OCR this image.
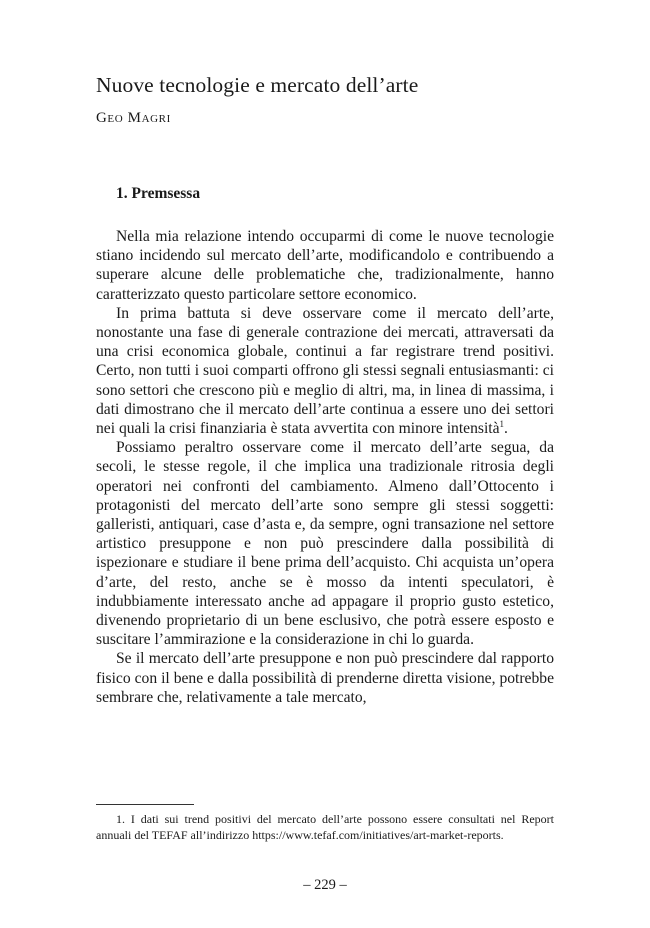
Nuove tecnologie e mercato dell’arte
Geo Magri
1. Premsessa

Nella mia relazione intendo occuparmi di come le nuove tecnologie stiano incidendo sul mercato dell’arte, modificandolo e contribuendo a superare alcune delle problematiche che, tradizionalmente, hanno caratterizzato questo particolare settore economico.

In prima battuta si deve osservare come il mercato dell’arte, nonostante una fase di generale contrazione dei mercati, attraversati da una crisi economica globale, continui a far registrare trend positivi. Certo, non tutti i suoi comparti offrono gli stessi segnali entusiasmanti: ci sono settori che crescono più e meglio di altri, ma, in linea di massima, i dati dimostrano che il mercato dell’arte continua a essere uno dei settori nei quali la crisi finanziaria è stata avvertita con minore intensità$^1$.

Possiamo peraltro osservare come il mercato dell’arte segua, da secoli, le stesse regole, il che implica una tradizionale ritrosia degli operatori nei confronti del cambiamento. Almeno dall’Ottocento i protagonisti del mercato dell’arte sono sempre gli stessi soggetti: galleristi, antiquari, case d’asta e, da sempre, ogni transazione nel settore artistico presuppone e non può prescindere dalla possibilità di ispezionare e studiare il bene prima dell’acquisto. Chi acquista un’opera d’arte, del resto, anche se è mosso da intenti speculatori, è indubbiamente interessato anche ad appagare il proprio gusto estetico, divenendo proprietario di un bene esclusivo, che potrà essere esposto e suscitare l’ammirazione e la considerazione in chi lo guarda.

Se il mercato dell’arte presuppone e non può prescindere dal rapporto fisico con il bene e dalla possibilità di prenderne diretta visione, potrebbe sembrare che, relativamente a tale mercato,

1. I dati sui trend positivi del mercato dell’arte possono essere consultati nel Report annuali del TEFAF all’indirizzo https://www.tefaf.com/initiatives/art-market-reports.

– 229 –
